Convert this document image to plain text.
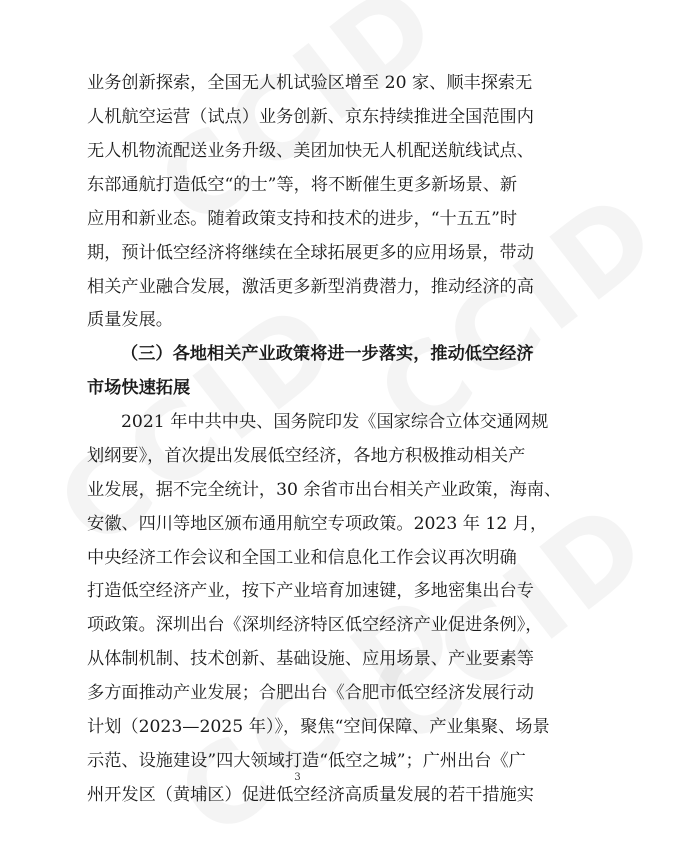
业务创新探索，全国无人机试验区增至 20 家、顺丰探索无
人机航空运营（试点）业务创新、京东持续推进全国范围内
无人机物流配送业务升级、美团加快无人机配送航线试点、
东部通航打造低空“的士”等，将不断催生更多新场景、新
应用和新业态。随着政策支持和技术的进步，“十五五”时
期，预计低空经济将继续在全球拓展更多的应用场景，带动
相关产业融合发展，激活更多新型消费潜力，推动经济的高
质量发展。
（三）各地相关产业政策将进一步落实，推动低空经济
市场快速拓展
2021 年中共中央、国务院印发《国家综合立体交通网规
划纲要》，首次提出发展低空经济，各地方积极推动相关产
业发展，据不完全统计，30 余省市出台相关产业政策，海南、
安徽、四川等地区颁布通用航空专项政策。2023 年 12 月，
中央经济工作会议和全国工业和信息化工作会议再次明确
打造低空经济产业，按下产业培育加速键，多地密集出台专
项政策。深圳出台《深圳经济特区低空经济产业促进条例》，
从体制机制、技术创新、基础设施、应用场景、产业要素等
多方面推动产业发展；合肥出台《合肥市低空经济发展行动
计划（2023—2025 年）》，聚焦“空间保障、产业集聚、场景
示范、设施建设”四大领域打造“低空之城”；广州出台《广
州开发区（黄埔区）促进低空经济高质量发展的若干措施实
3
